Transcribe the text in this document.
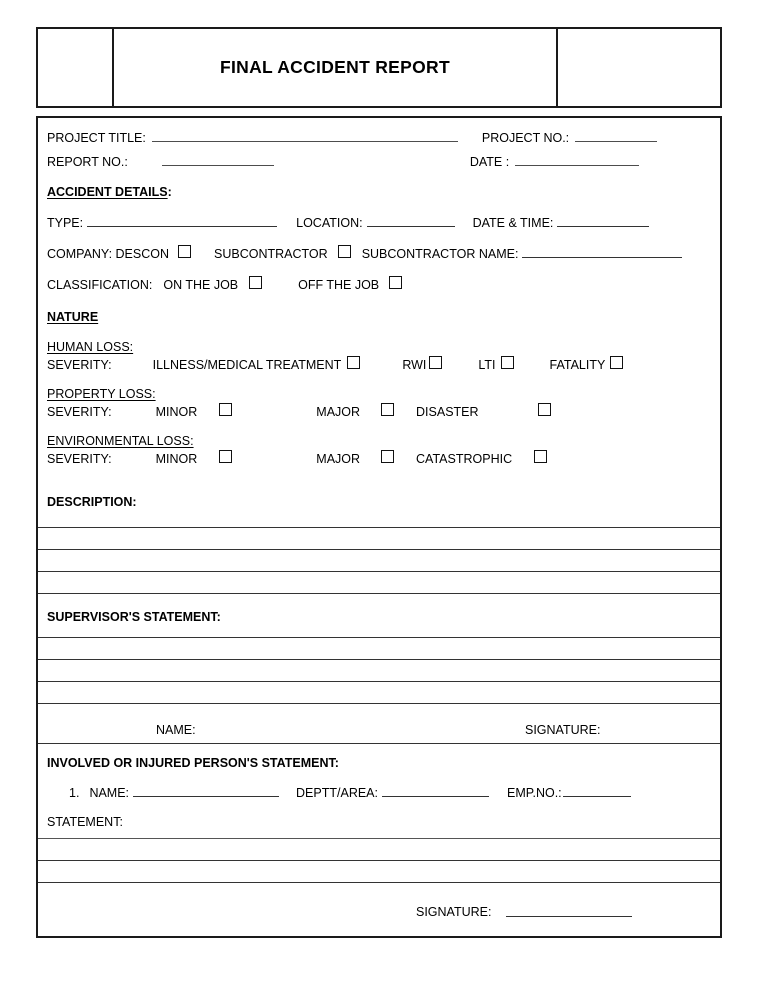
FINAL ACCIDENT REPORT
PROJECT TITLE:	PROJECT NO.:
REPORT NO.:	DATE :
ACCIDENT DETAILS :
TYPE:	LOCATION:	DATE & TIME:
COMPANY: DESCON	SUBCONTRACTOR	SUBCONTRACTOR NAME:
CLASSIFICATION: ON THE JOB	OFF THE JOB
NATURE
HUMAN LOSS:
SEVERITY:	ILLNESS/MEDICAL TREATMENT	RWI	LTI	FATALITY
PROPERTY LOSS:
SEVERITY:	MINOR	MAJOR	DISASTER
ENVIRONMENTAL LOSS:
SEVERITY:	MINOR	MAJOR	CATASTROPHIC
DESCRIPTION:
SUPERVISOR'S STATEMENT:
NAME:	SIGNATURE:
INVOLVED OR INJURED PERSON'S STATEMENT:
1. NAME:	DEPTT/AREA:	EMP.NO.:
STATEMENT:
SIGNATURE:
